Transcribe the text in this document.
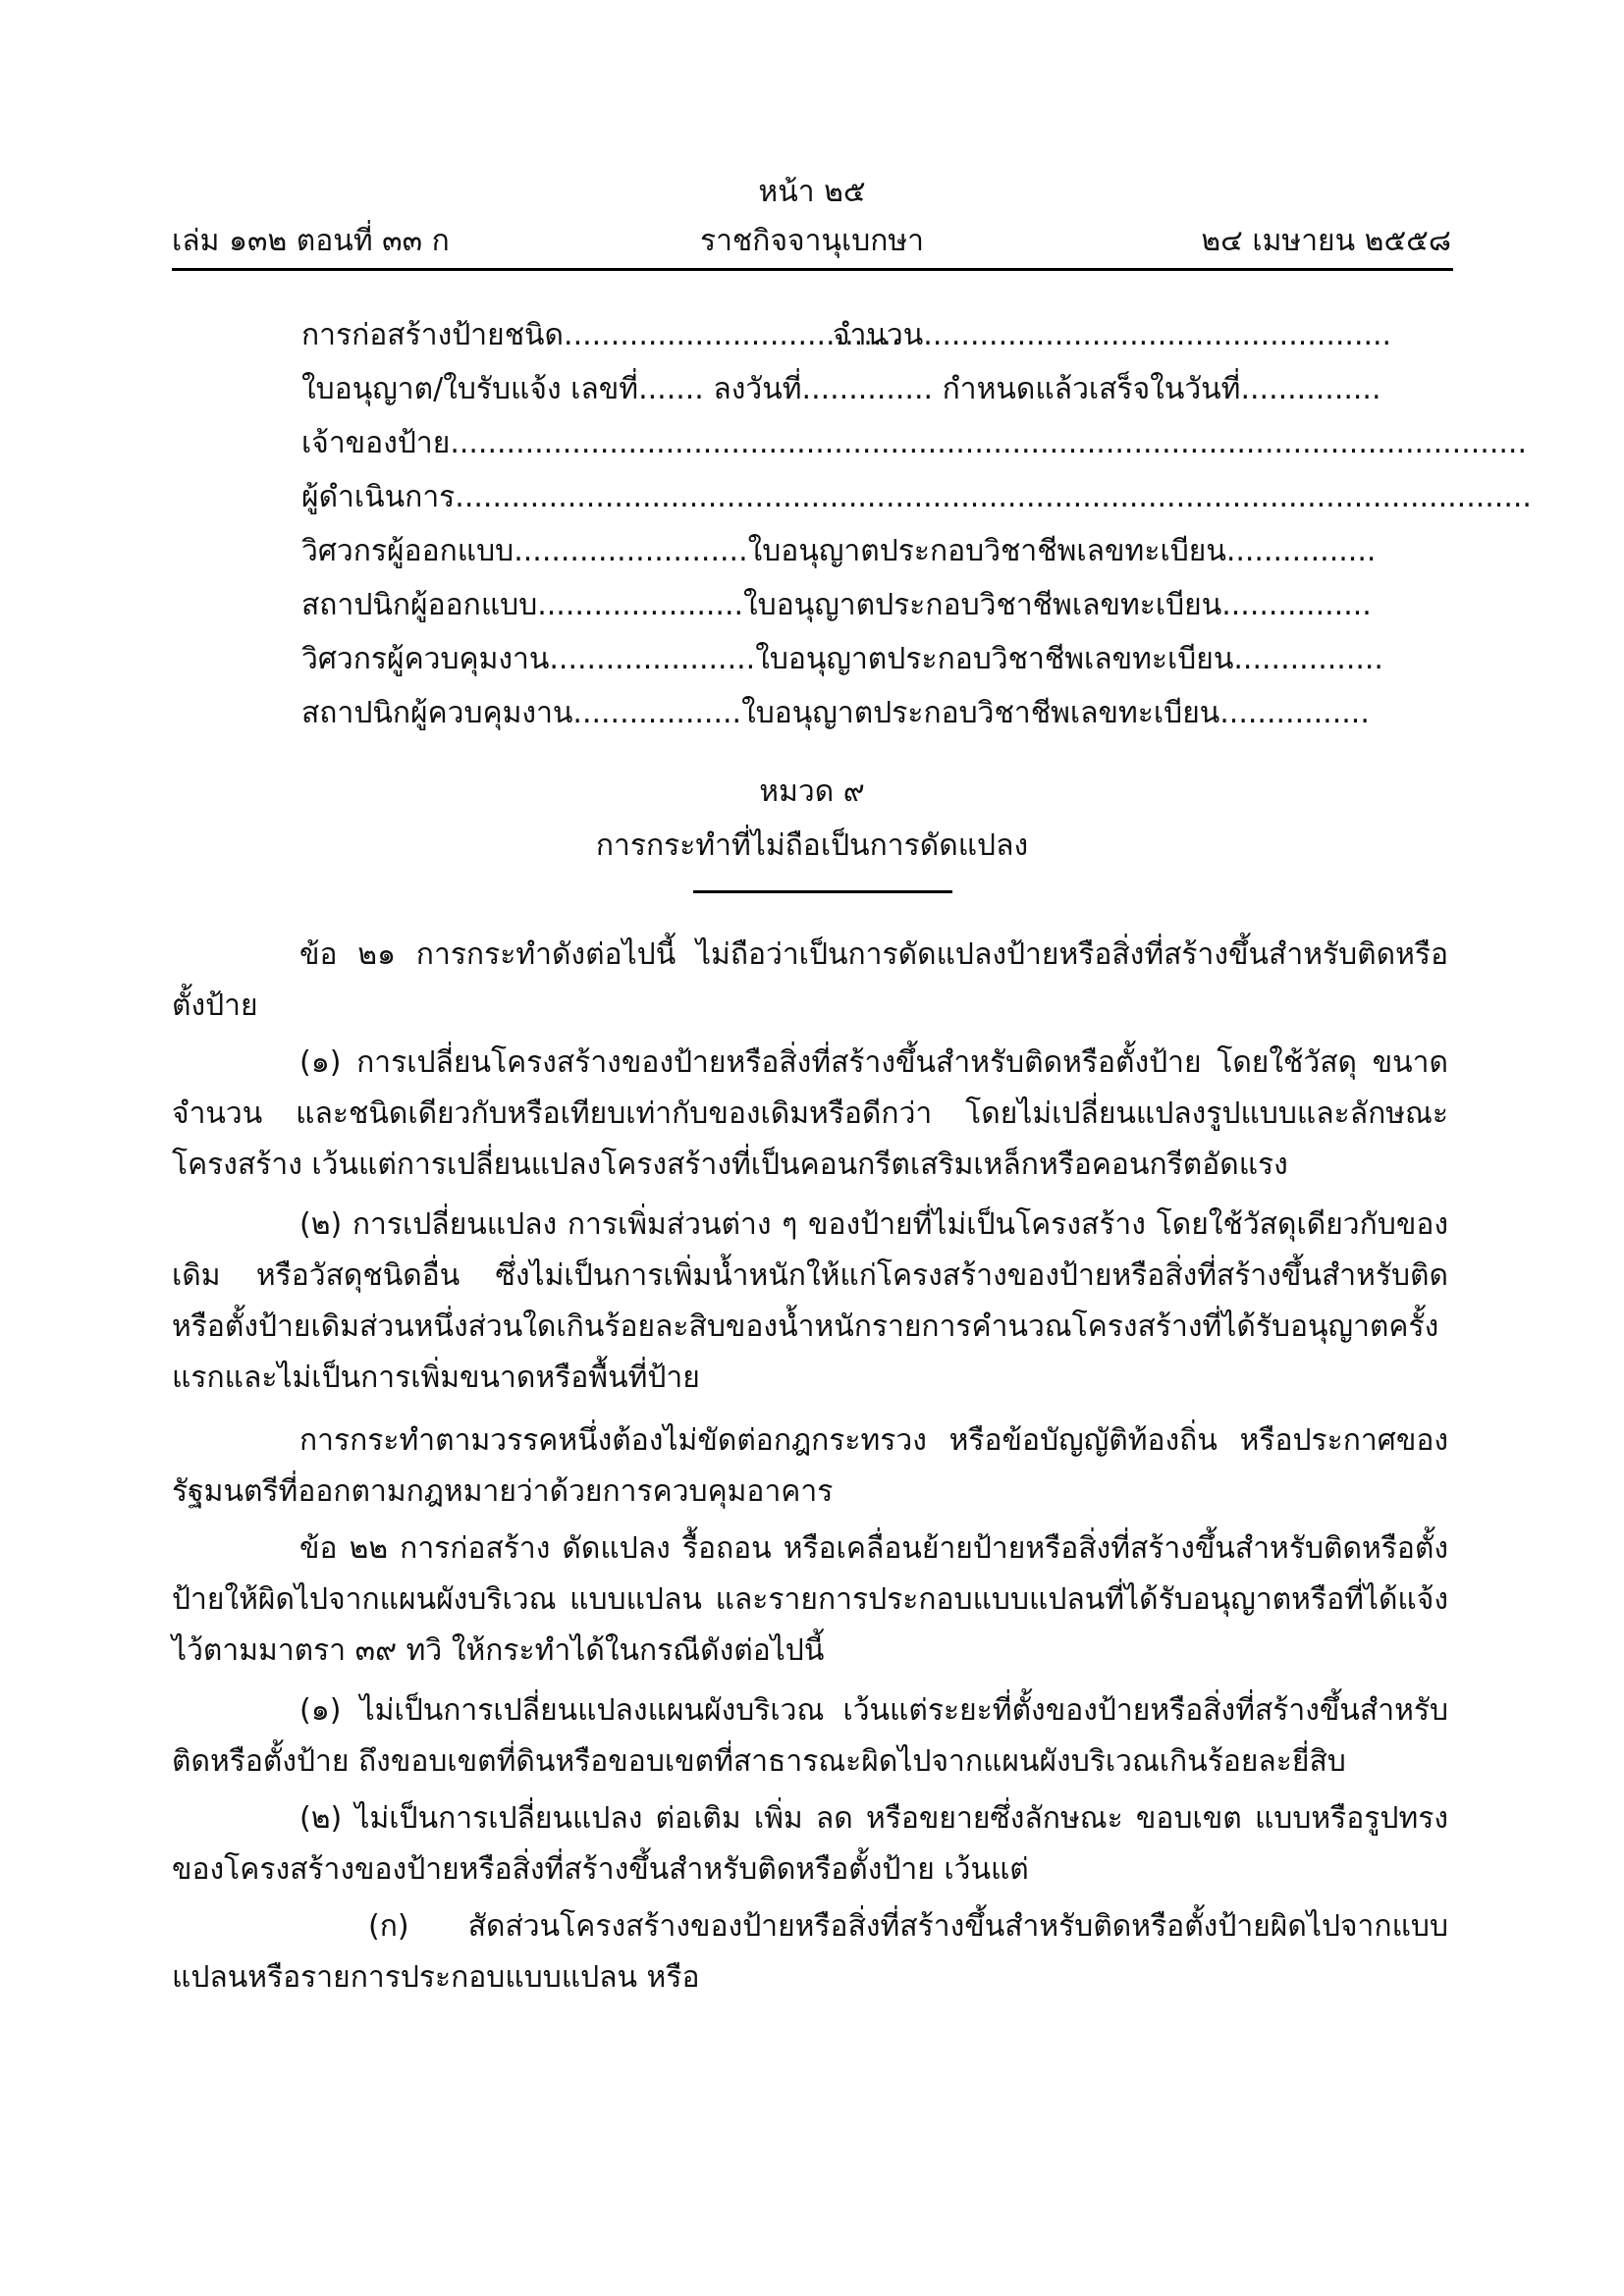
หน้า ๒๕
เล่ม ๑๓๒ ตอนที่ ๓๓ ก	ราชกิจจานุเบกษา	๒๔ เมษายน ๒๕๕๘
การก่อสร้างป้ายชนิด....................................
จำนวน..................................................
ใบอนุญาต/ใบรับแจ้ง เลขที่....... ลงวันที่.............. กำหนดแล้วเสร็จในวันที่...............
เจ้าของป้าย...................................................................................................................
ผู้ดำเนินการ...................................................................................................................
วิศวกรผู้ออกแบบ.........................ใบอนุญาตประกอบวิชาชีพเลขทะเบียน................
สถาปนิกผู้ออกแบบ......................ใบอนุญาตประกอบวิชาชีพเลขทะเบียน................
วิศวกรผู้ควบคุมงาน......................ใบอนุญาตประกอบวิชาชีพเลขทะเบียน................
สถาปนิกผู้ควบคุมงาน..................ใบอนุญาตประกอบวิชาชีพเลขทะเบียน................
หมวด ๙
การกระทำที่ไม่ถือเป็นการดัดแปลง
ข้อ ๒๑ การกระทำดังต่อไปนี้ ไม่ถือว่าเป็นการดัดแปลงป้ายหรือสิ่งที่สร้างขึ้นสำหรับติดหรือตั้งป้าย
(๑) การเปลี่ยนโครงสร้างของป้ายหรือสิ่งที่สร้างขึ้นสำหรับติดหรือตั้งป้าย โดยใช้วัสดุ ขนาดจำนวน และชนิดเดียวกับหรือเทียบเท่ากับของเดิมหรือดีกว่า โดยไม่เปลี่ยนแปลงรูปแบบและลักษณะโครงสร้าง เว้นแต่การเปลี่ยนแปลงโครงสร้างที่เป็นคอนกรีตเสริมเหล็กหรือคอนกรีตอัดแรง
(๒) การเปลี่ยนแปลง การเพิ่มส่วนต่าง ๆ ของป้ายที่ไม่เป็นโครงสร้าง โดยใช้วัสดุเดียวกับของเดิม หรือวัสดุชนิดอื่น ซึ่งไม่เป็นการเพิ่มน้ำหนักให้แก่โครงสร้างของป้ายหรือสิ่งที่สร้างขึ้นสำหรับติดหรือตั้งป้ายเดิมส่วนหนึ่งส่วนใดเกินร้อยละสิบของน้ำหนักรายการคำนวณโครงสร้างที่ได้รับอนุญาตครั้งแรกและไม่เป็นการเพิ่มขนาดหรือพื้นที่ป้าย
การกระทำตามวรรคหนึ่งต้องไม่ขัดต่อกฎกระทรวง หรือข้อบัญญัติท้องถิ่น หรือประกาศของรัฐมนตรีที่ออกตามกฎหมายว่าด้วยการควบคุมอาคาร
ข้อ ๒๒ การก่อสร้าง ดัดแปลง รื้อถอน หรือเคลื่อนย้ายป้ายหรือสิ่งที่สร้างขึ้นสำหรับติดหรือตั้งป้ายให้ผิดไปจากแผนผังบริเวณ แบบแปลน และรายการประกอบแบบแปลนที่ได้รับอนุญาตหรือที่ได้แจ้งไว้ตามมาตรา ๓๙ ทวิ ให้กระทำได้ในกรณีดังต่อไปนี้
(๑) ไม่เป็นการเปลี่ยนแปลงแผนผังบริเวณ เว้นแต่ระยะที่ตั้งของป้ายหรือสิ่งที่สร้างขึ้นสำหรับติดหรือตั้งป้าย ถึงขอบเขตที่ดินหรือขอบเขตที่สาธารณะผิดไปจากแผนผังบริเวณเกินร้อยละยี่สิบ
(๒) ไม่เป็นการเปลี่ยนแปลง ต่อเติม เพิ่ม ลด หรือขยายซึ่งลักษณะ ขอบเขต แบบหรือรูปทรงของโครงสร้างของป้ายหรือสิ่งที่สร้างขึ้นสำหรับติดหรือตั้งป้าย เว้นแต่
(ก) สัดส่วนโครงสร้างของป้ายหรือสิ่งที่สร้างขึ้นสำหรับติดหรือตั้งป้ายผิดไปจากแบบแปลนหรือรายการประกอบแบบแปลน หรือ
